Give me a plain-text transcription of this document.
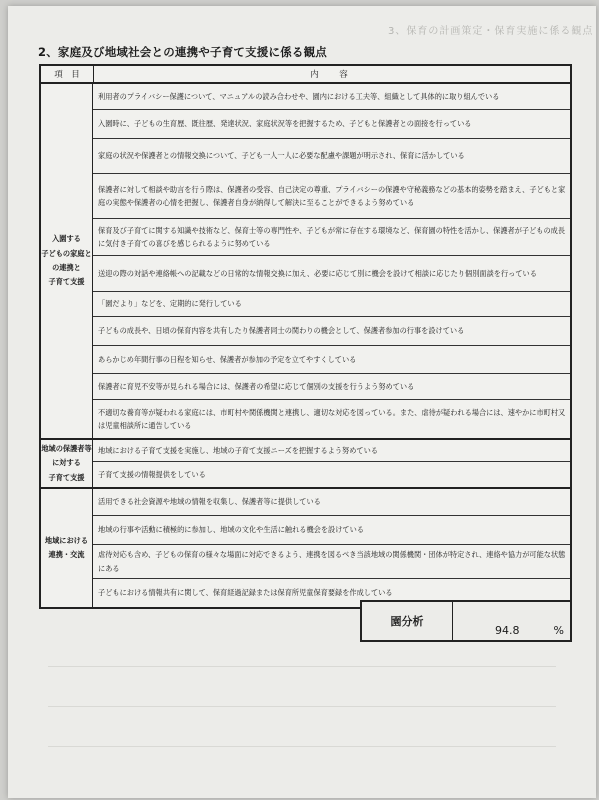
3、保育の計画策定・保育実施に係る観点
2、家庭及び地域社会との連携や子育て支援に係る観点
項　目	内　容
入園する
子どもの家庭と
の連携と
子育て支援
利用者のプライバシー保護について、マニュアルの読み合わせや、園内における工夫等、組織として具体的に取り組んでいる
入園時に、子どもの生育歴、既往歴、発達状況、家庭状況等を把握するため、子どもと保護者との面接を行っている
家庭の状況や保護者との情報交換について、子ども一人一人に必要な配慮や課題が明示され、保育に活かしている
保護者に対して相談や助言を行う際は、保護者の受容、自己決定の尊重、プライバシーの保護や守秘義務などの基本的姿勢を踏まえ、子どもと家庭の実態や保護者の心情を把握し、保護者自身が納得して解決に至ることができるよう努めている
保育及び子育てに関する知識や技術など、保育士等の専門性や、子どもが常に存在する環境など、保育園の特性を活かし、保護者が子どもの成長に気付き子育ての喜びを感じられるように努めている
送迎の際の対話や連絡帳への記載などの日常的な情報交換に加え、必要に応じて別に機会を設けて相談に応じたり個別面談を行っている
「園だより」などを、定期的に発行している
子どもの成長や、日頃の保育内容を共有したり保護者同士の関わりの機会として、保護者参加の行事を設けている
あらかじめ年間行事の日程を知らせ、保護者が参加の予定を立てやすくしている
保護者に育児不安等が見られる場合には、保護者の希望に応じて個別の支援を行うよう努めている
不適切な養育等が疑われる家庭には、市町村や関係機関と連携し、適切な対応を図っている。また、虐待が疑われる場合には、速やかに市町村又は児童相談所に通告している
地域の保護者等
に対する
子育て支援
地域における子育て支援を実施し、地域の子育て支援ニーズを把握するよう努めている
子育て支援の情報提供をしている
地域における
連携・交流
活用できる社会資源や地域の情報を収集し、保護者等に提供している
地域の行事や活動に積極的に参加し、地域の文化や生活に触れる機会を設けている
虐待対応も含め、子どもの保育の様々な場面に対応できるよう、連携を図るべき当該地域の関係機関・団体が特定され、連絡や協力が可能な状態にある
子どもにおける情報共有に関して、保育経過記録または保育所児童保育要録を作成している
園分析
94.8	%
